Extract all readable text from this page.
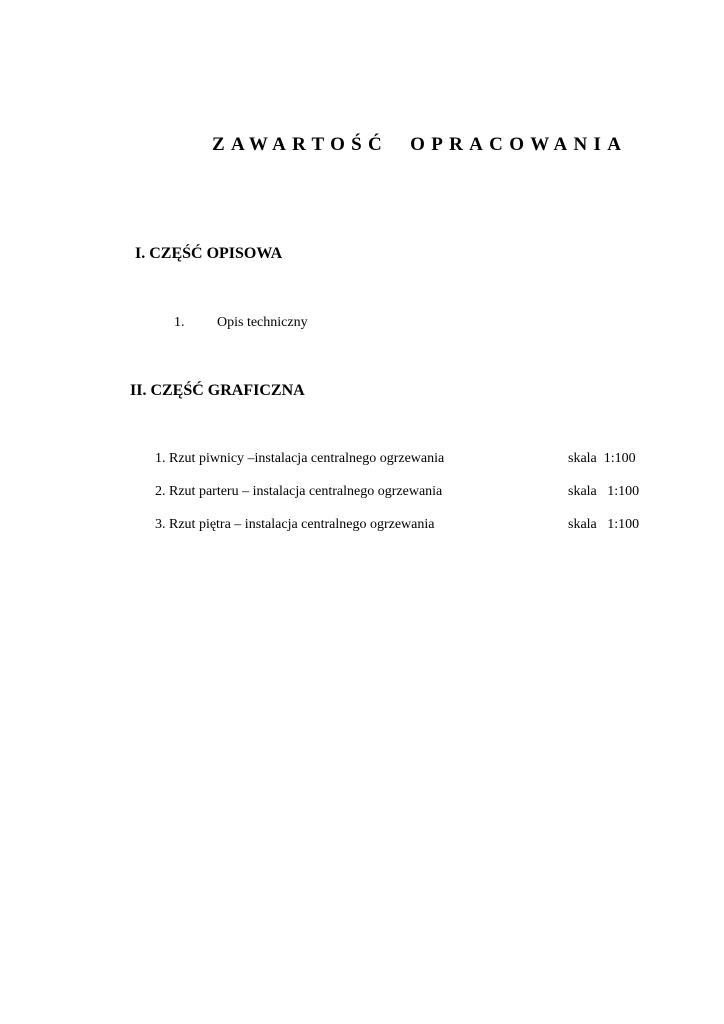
ZAWARTOŚĆ  OPRACOWANIA
I. CZĘŚĆ OPISOWA
1. Opis techniczny
II. CZĘŚĆ GRAFICZNA
1. Rzut piwnicy –instalacja centralnego ogrzewania	skala  1:100
2. Rzut parteru – instalacja centralnego ogrzewania	skala   1:100
3. Rzut piętra – instalacja centralnego ogrzewania	skala   1:100
